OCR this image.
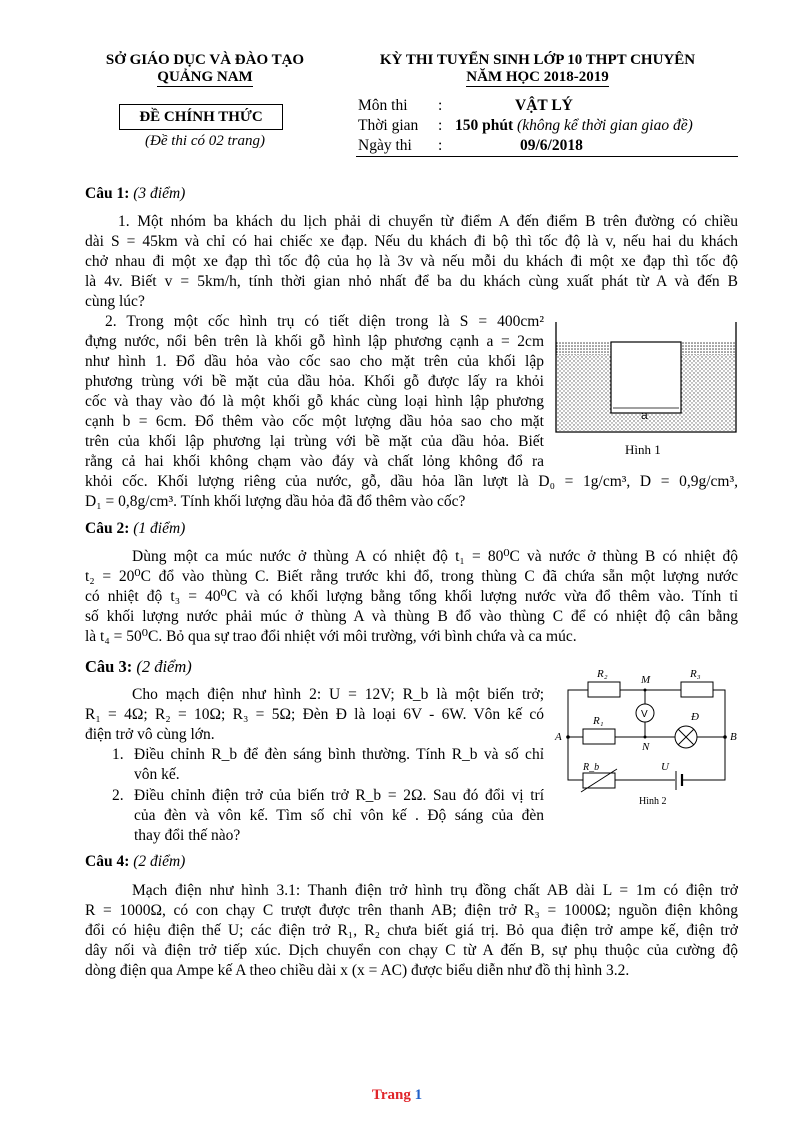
SỞ GIÁO DỤC VÀ ĐÀO TẠO
QUẢNG NAM
KỲ THI TUYỂN SINH LỚP 10 THPT CHUYÊN
NĂM HỌC 2018-2019
ĐỀ CHÍNH THỨC
(Đề thi có 02 trang)
Môn thi :	VẬT LÝ
Thời gian : 150 phút (không kể thời gian giao đề)
Ngày thi :	09/6/2018
Câu 1: (3 điểm)
1. Một nhóm ba khách du lịch phải di chuyển từ điểm A đến điểm B trên đường có chiều
dài S = 45km và chỉ có hai chiếc xe đạp. Nếu du khách đi bộ thì tốc độ là v, nếu hai du khách
chở nhau đi một xe đạp thì tốc độ của họ là 3v và nếu mỗi du khách đi một xe đạp thì tốc độ
là 4v. Biết v = 5km/h, tính thời gian nhỏ nhất để ba du khách cùng xuất phát từ A và đến B
cùng lúc?
2. Trong một cốc hình trụ có tiết diện trong là S = 400cm²
đựng nước, nổi bên trên là khối gỗ hình lập phương cạnh a = 2cm
như hình 1. Đổ dầu hỏa vào cốc sao cho mặt trên của khối lập
phương trùng với bề mặt của dầu hỏa. Khối gỗ được lấy ra khỏi
cốc và thay vào đó là một khối gỗ khác cùng loại hình lập phương
cạnh b = 6cm. Đổ thêm vào cốc một lượng dầu hỏa sao cho mặt
trên của khối lập phương lại trùng với bề mặt của dầu hỏa. Biết
rằng cả hai khối không chạm vào đáy và chất lỏng không đổ ra
khỏi cốc. Khối lượng riêng của nước, gỗ, dầu hỏa lần lượt là D₀ = 1g/cm³, D = 0,9g/cm³,
D₁ = 0,8g/cm³. Tính khối lượng dầu hỏa đã đổ thêm vào cốc?
a
Hình 1
Câu 2: (1 điểm)
Dùng một ca múc nước ở thùng A có nhiệt độ t₁ = 80⁰C và nước ở thùng B có nhiệt độ
t₂ = 20⁰C đổ vào thùng C. Biết rằng trước khi đổ, trong thùng C đã chứa sẵn một lượng nước
có nhiệt độ t₃ = 40⁰C và có khối lượng bằng tổng khối lượng nước vừa đổ thêm vào. Tính tỉ
số khối lượng nước phải múc ở thùng A và thùng B đổ vào thùng C để có nhiệt độ cân bằng
là t₄ = 50⁰C. Bỏ qua sự trao đổi nhiệt với môi trường, với bình chứa và ca múc.
Câu 3: (2 điểm)
Cho mạch điện như hình 2: U = 12V; R_b là một biến trở;
R₁ = 4Ω; R₂ = 10Ω; R₃ = 5Ω; Đèn Đ là loại 6V - 6W. Vôn kế có
điện trở vô cùng lớn.
1. Điều chỉnh R_b để đèn sáng bình thường. Tính R_b và số chỉ
vôn kế.
2. Điều chỉnh điện trở của biến trở R_b = 2Ω. Sau đó đổi vị trí
của đèn và vôn kế. Tìm số chỉ vôn kế . Độ sáng của đèn
thay đổi thế nào?
R₂	R₃
M
R₁
V	Đ
A	B
N
R_b	U
Hình 2
Câu 4: (2 điểm)
Mạch điện như hình 3.1: Thanh điện trở hình trụ đồng chất AB dài L = 1m có điện trở
R = 1000Ω, có con chạy C trượt được trên thanh AB; điện trở R₃ = 1000Ω; nguồn điện không
đổi có hiệu điện thế U; các điện trở R₁, R₂ chưa biết giá trị. Bỏ qua điện trở ampe kế, điện trở
dây nối và điện trở tiếp xúc. Dịch chuyển con chạy C từ A đến B, sự phụ thuộc của cường độ
dòng điện qua Ampe kế A theo chiều dài x (x = AC) được biểu diễn như đồ thị hình 3.2.
Trang 1
